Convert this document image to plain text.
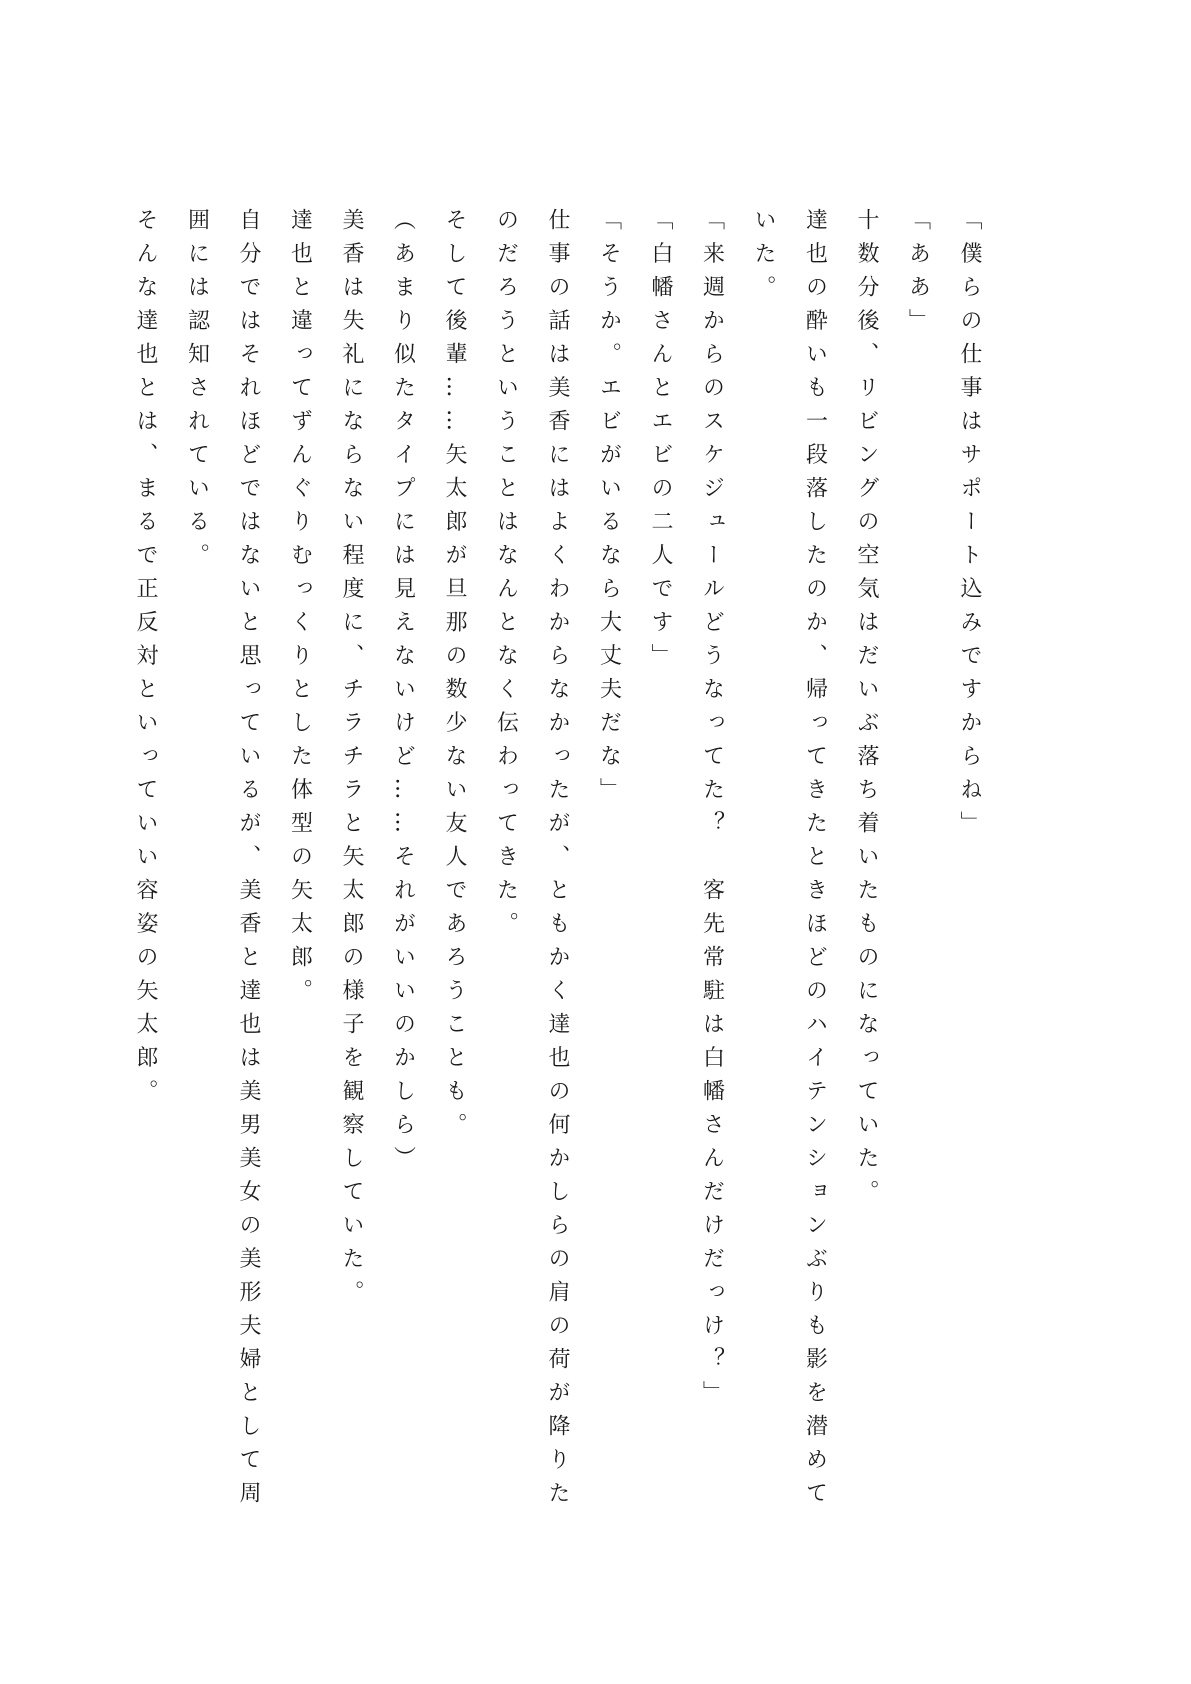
「僕らの仕事はサポート込みですからね」

「ああ」

十数分後、リビングの空気はだいぶ落ち着いたものになっていた。

達也の酔いも一段落したのか、帰ってきたときほどのハイテンションぶりも影を潜めていた。

「来週からのスケジュールどうなってた？　客先常駐は白幡さんだけだっけ？」

「白幡さんとエビの二人です」

「そうか。エビがいるなら大丈夫だな」

仕事の話は美香にはよくわからなかったが、ともかく達也の何かしらの肩の荷が降りたのだろうということはなんとなく伝わってきた。

そして後輩……矢太郎が旦那の数少ない友人であろうことも。

（あまり似たタイプには見えないけど……それがいいのかしら）

美香は失礼にならない程度に、チラチラと矢太郎の様子を観察していた。

達也と違ってずんぐりむっくりとした体型の矢太郎。

自分ではそれほどではないと思っているが、美香と達也は美男美女の美形夫婦として周囲には認知されている。

そんな達也とは、まるで正反対といっていい容姿の矢太郎。
